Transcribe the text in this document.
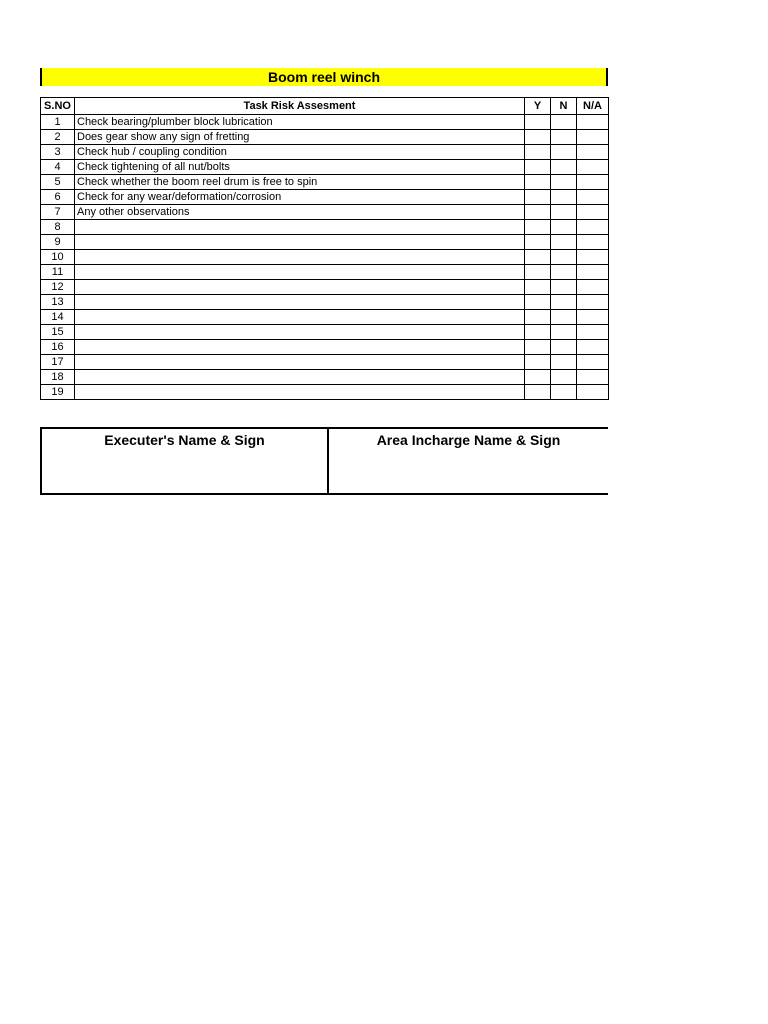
Boom reel winch
S.NO	Task Risk Assesment	Y	N	N/A
1	Check bearing/plumber block lubrication			
2	Does gear show any sign of fretting			
3	Check hub / coupling condition			
4	Check tightening of all nut/bolts			
5	Check whether the boom reel drum is free to spin			
6	Check for any wear/deformation/corrosion			
7	Any other observations			
8				
9				
10				
11				
12				
13				
14				
15				
16				
17				
18				
19				
Executer's Name & Sign	Area Incharge Name & Sign
